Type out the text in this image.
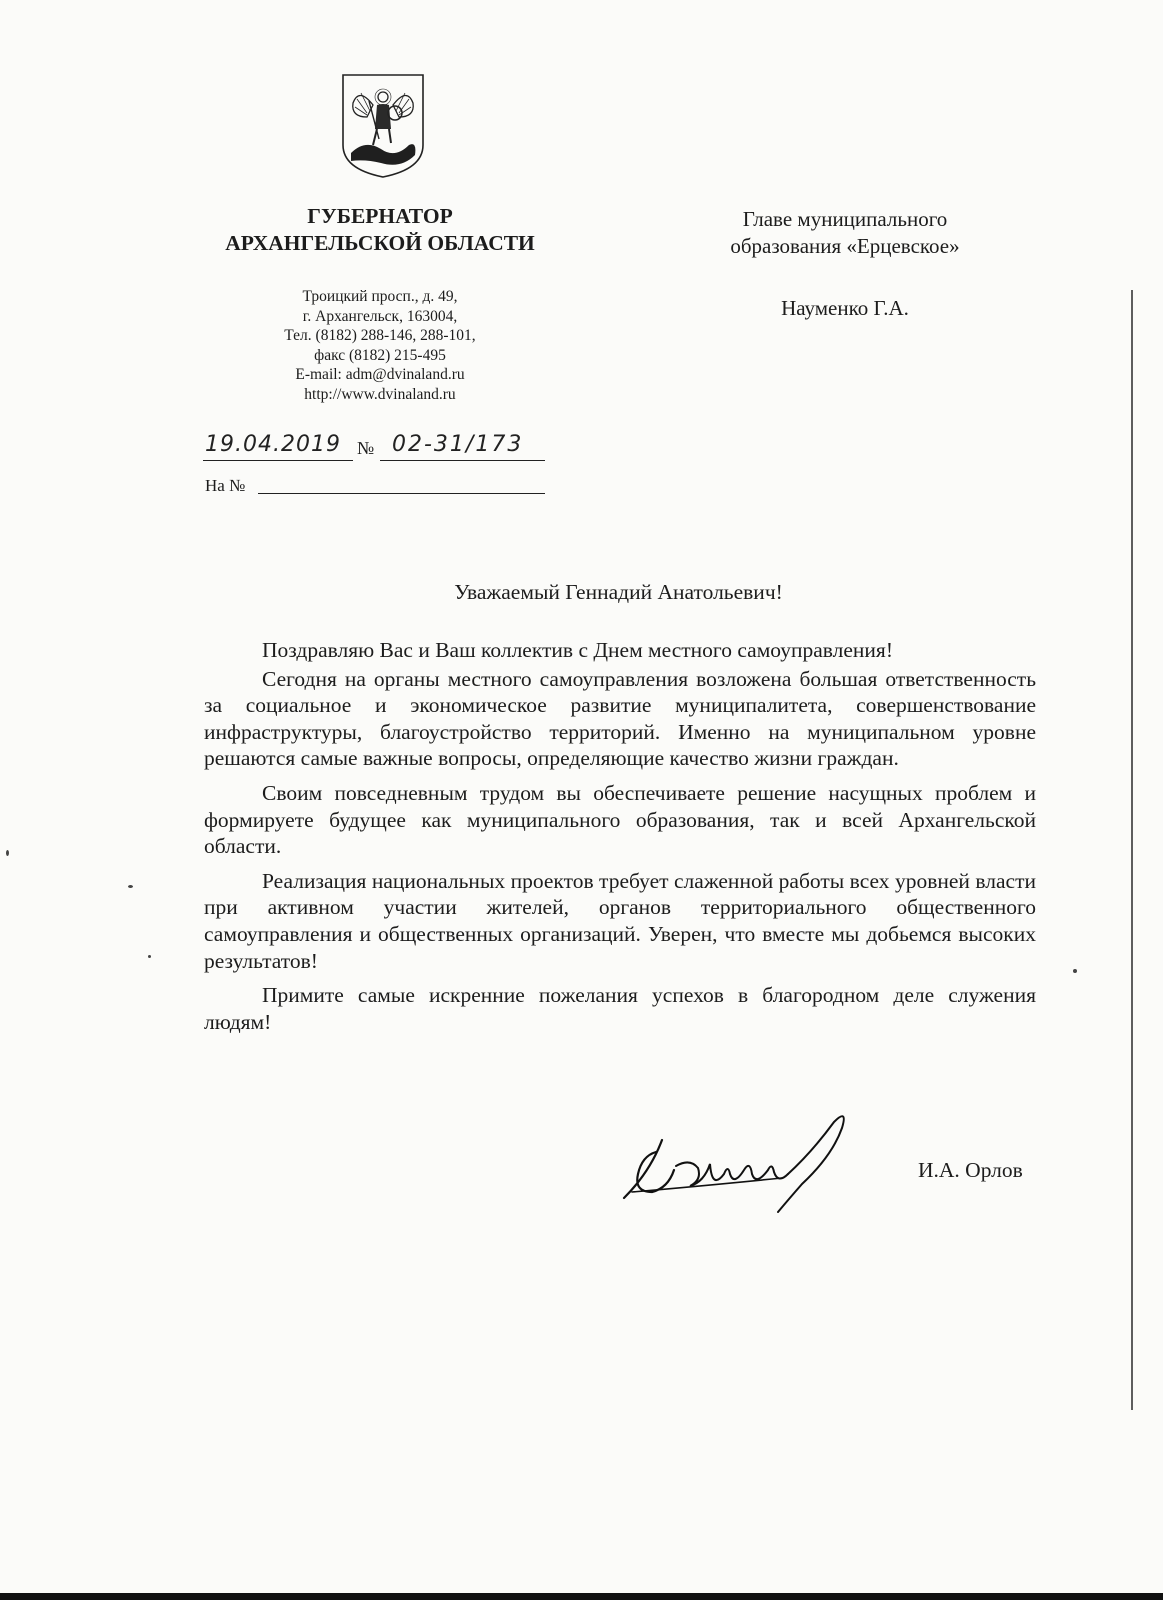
ГУБЕРНАТОР
АРХАНГЕЛЬСКОЙ ОБЛАСТИ
Троицкий просп., д. 49,
г. Архангельск, 163004,
Тел. (8182) 288-146, 288-101,
факс (8182) 215-495
E-mail: adm@dvinaland.ru
http://www.dvinaland.ru
Главе муниципального
образования «Ерцевское»
Науменко Г.А.
19.04.2019 № 02-31/173
На №
Уважаемый Геннадий Анатольевич!

Поздравляю Вас и Ваш коллектив с Днем местного самоуправления!

Сегодня на органы местного самоуправления возложена большая ответственность за социальное и экономическое развитие муниципалитета, совершенствование инфраструктуры, благоустройство территорий. Именно на муниципальном уровне решаются самые важные вопросы, определяющие качество жизни граждан.

Своим повседневным трудом вы обеспечиваете решение насущных проблем и формируете будущее как муниципального образования, так и всей Архангельской области.

Реализация национальных проектов требует слаженной работы всех уровней власти при активном участии жителей, органов территориального общественного самоуправления и общественных организаций. Уверен, что вместе мы добьемся высоких результатов!

Примите самые искренние пожелания успехов в благородном деле служения людям!

И.А. Орлов
